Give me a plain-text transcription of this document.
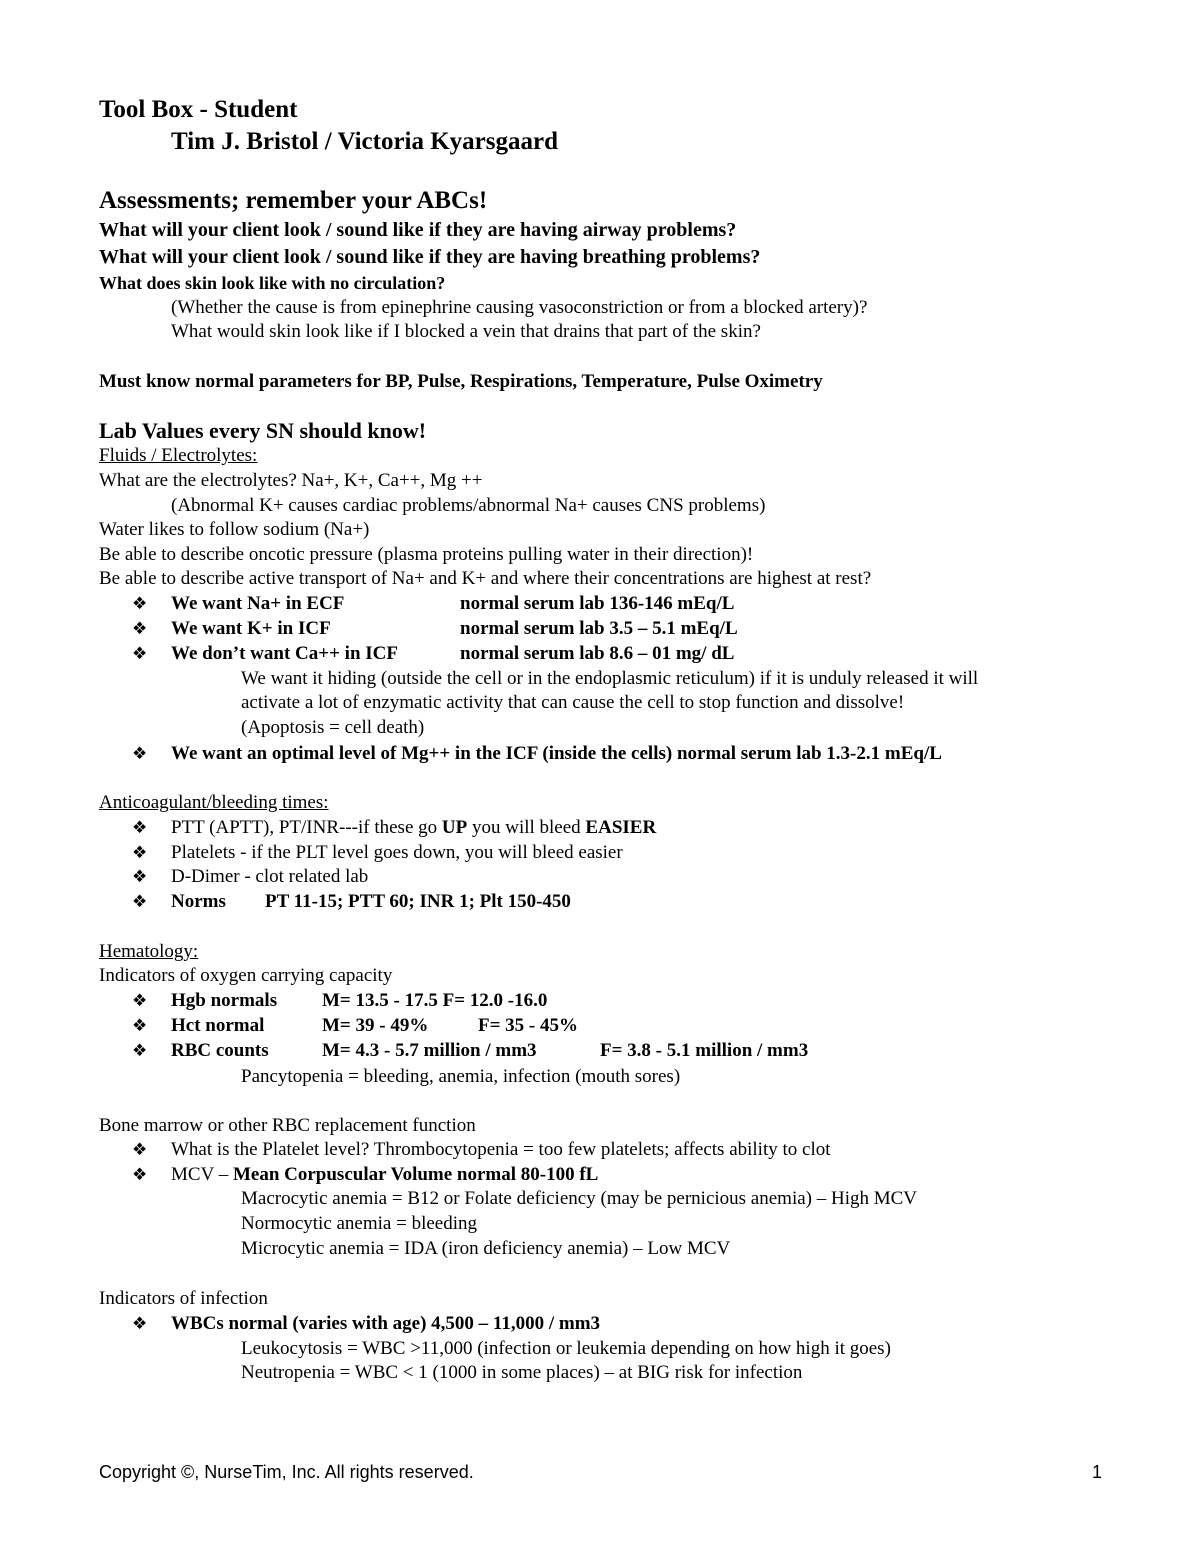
Tool Box - Student
Tim J. Bristol / Victoria Kyarsgaard
Assessments; remember your ABCs!
What will your client look / sound like if they are having airway problems?
What will your client look / sound like if they are having breathing problems?
What does skin look like with no circulation?
(Whether the cause is from epinephrine causing vasoconstriction or from a blocked artery)?
What would skin look like if I blocked a vein that drains that part of the skin?
Must know normal parameters for BP, Pulse, Respirations, Temperature, Pulse Oximetry
Lab Values every SN should know!
Fluids / Electrolytes:
What are the electrolytes? Na+, K+, Ca++, Mg ++
(Abnormal K+ causes cardiac problems/abnormal Na+ causes CNS problems)
Water likes to follow sodium (Na+)
Be able to describe oncotic pressure (plasma proteins pulling water in their direction)!
Be able to describe active transport of Na+ and K+ and where their concentrations are highest at rest?
❖ We want Na+ in ECF	normal serum lab 136-146 mEq/L
❖ We want K+ in ICF	normal serum lab 3.5 – 5.1 mEq/L
❖ We don’t want Ca++ in ICF	normal serum lab 8.6 – 01 mg/ dL
We want it hiding (outside the cell or in the endoplasmic reticulum) if it is unduly released it will
activate a lot of enzymatic activity that can cause the cell to stop function and dissolve!
(Apoptosis = cell death)
❖ We want an optimal level of Mg++ in the ICF (inside the cells) normal serum lab 1.3-2.1 mEq/L
Anticoagulant/bleeding times:
❖ PTT (APTT), PT/INR---if these go UP you will bleed EASIER
❖ Platelets - if the PLT level goes down, you will bleed easier
❖ D-Dimer - clot related lab
❖ Norms PT 11-15; PTT 60; INR 1; Plt 150-450
Hematology:
Indicators of oxygen carrying capacity
❖ Hgb normals M= 13.5 - 17.5 F= 12.0 -16.0
❖ Hct normal	M= 39 - 49%	F= 35 - 45%
❖ RBC counts	M= 4.3 - 5.7 million / mm3	F= 3.8 - 5.1 million / mm3
Pancytopenia = bleeding, anemia, infection (mouth sores)
Bone marrow or other RBC replacement function
❖ What is the Platelet level? Thrombocytopenia = too few platelets; affects ability to clot
❖ MCV – Mean Corpuscular Volume normal 80-100 fL
Macrocytic anemia = B12 or Folate deficiency (may be pernicious anemia) – High MCV
Normocytic anemia = bleeding
Microcytic anemia = IDA (iron deficiency anemia) – Low MCV
Indicators of infection
❖ WBCs normal (varies with age) 4,500 – 11,000 / mm3
Leukocytosis = WBC >11,000 (infection or leukemia depending on how high it goes)
Neutropenia = WBC < 1 (1000 in some places) – at BIG risk for infection
Copyright ©, NurseTim, Inc. All rights reserved.	1
